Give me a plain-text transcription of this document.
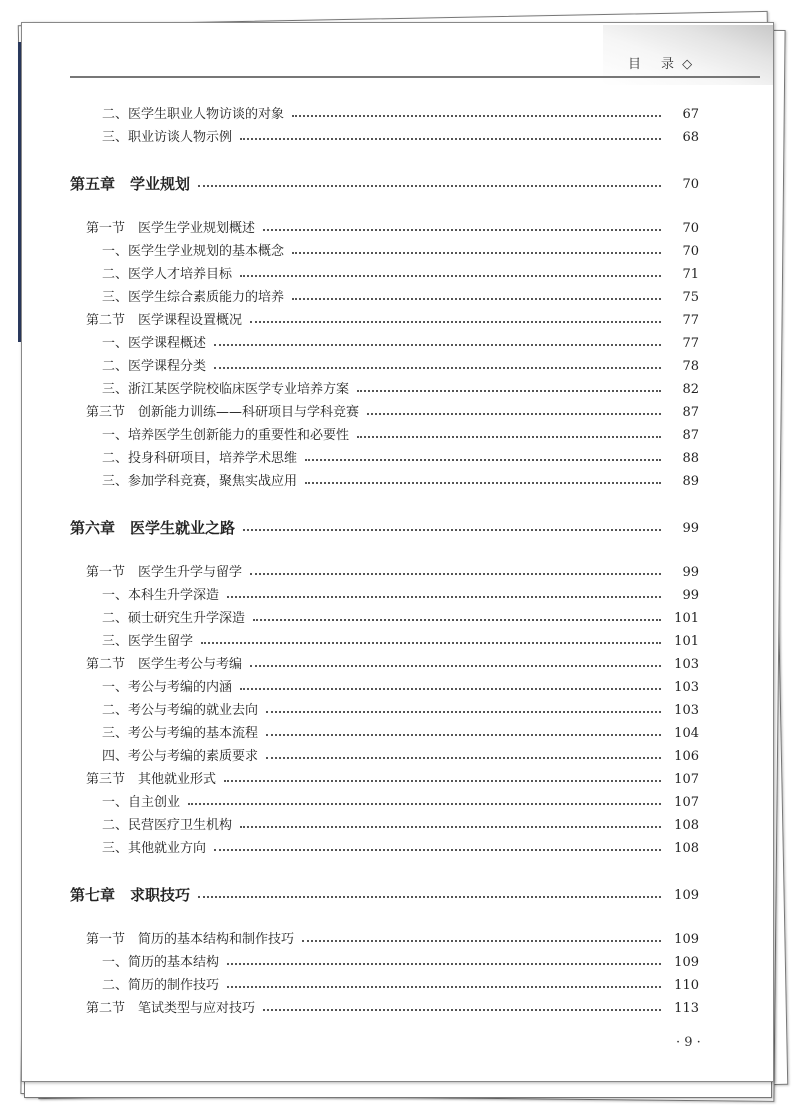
目 录 ◇
二、医学生职业人物访谈的对象	67
三、职业访谈人物示例	68
第五章　学业规划	70
第一节　医学生学业规划概述	70
一、医学生学业规划的基本概念	70
二、医学人才培养目标	71
三、医学生综合素质能力的培养	75
第二节　医学课程设置概况	77
一、医学课程概述	77
二、医学课程分类	78
三、浙江某医学院校临床医学专业培养方案	82
第三节　创新能力训练——科研项目与学科竞赛	87
一、培养医学生创新能力的重要性和必要性	87
二、投身科研项目，培养学术思维	88
三、参加学科竞赛，聚焦实战应用	89
第六章　医学生就业之路	99
第一节　医学生升学与留学	99
一、本科生升学深造	99
二、硕士研究生升学深造	101
三、医学生留学	101
第二节　医学生考公与考编	103
一、考公与考编的内涵	103
二、考公与考编的就业去向	103
三、考公与考编的基本流程	104
四、考公与考编的素质要求	106
第三节　其他就业形式	107
一、自主创业	107
二、民营医疗卫生机构	108
三、其他就业方向	108
第七章　求职技巧	109
第一节　简历的基本结构和制作技巧	109
一、简历的基本结构	109
二、简历的制作技巧	110
第二节　笔试类型与应对技巧	113
· 9 ·
